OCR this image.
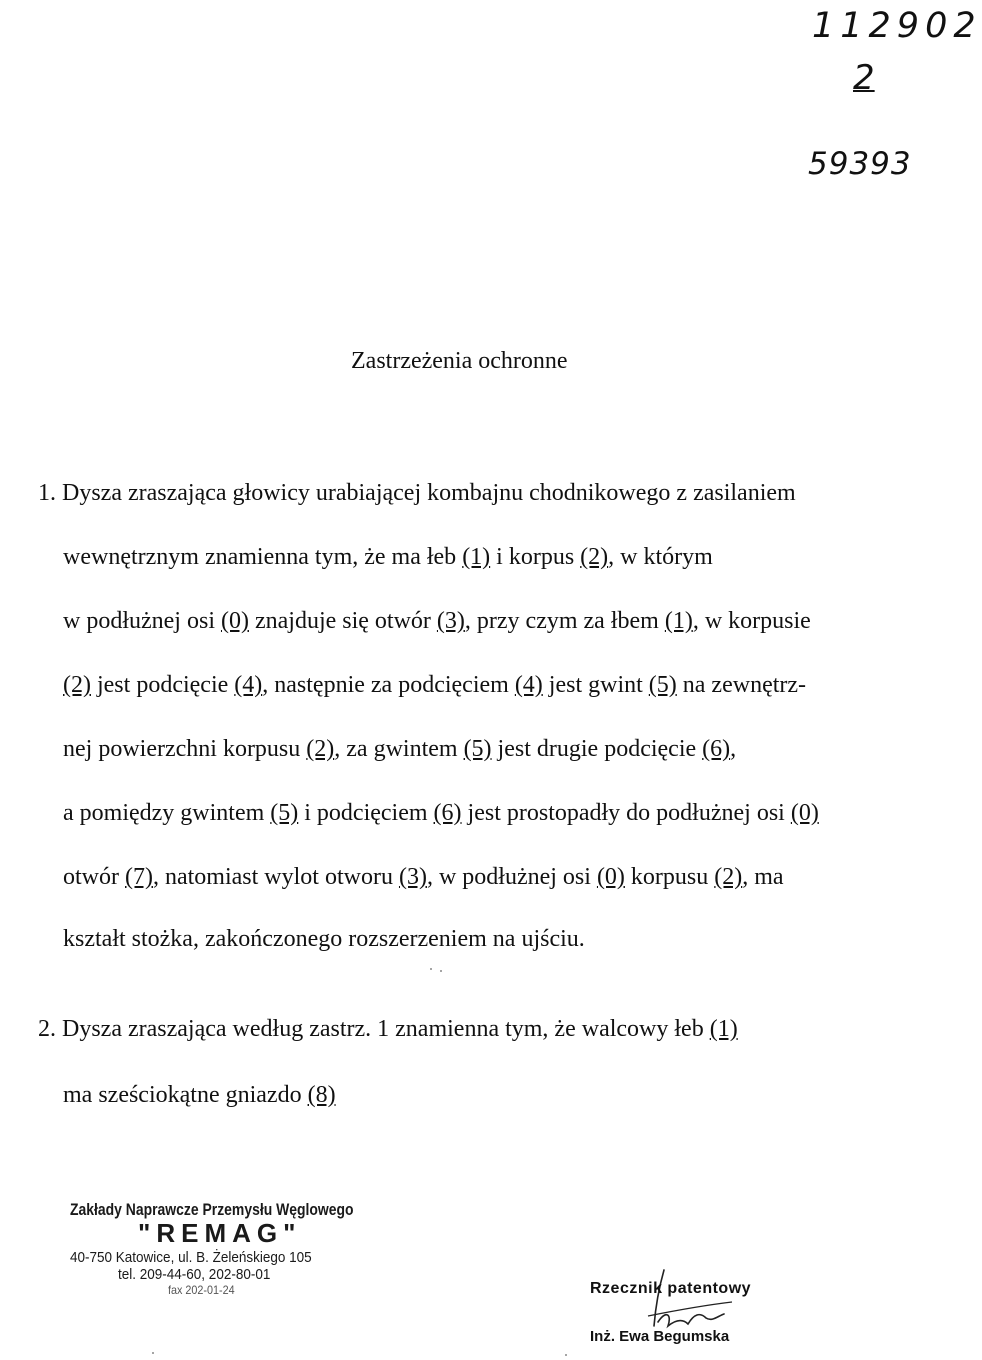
112902
2
59393
Zastrzeżenia ochronne
1. Dysza zraszająca głowicy urabiającej kombajnu chodnikowego z zasilaniem
wewnętrznym znamienna tym, że ma łeb (1) i korpus (2), w którym
w podłużnej osi (0) znajduje się otwór (3), przy czym za łbem (1), w korpusie
(2) jest podcięcie (4), następnie za podcięciem (4) jest gwint (5) na zewnętrz-
nej powierzchni korpusu (2), za gwintem (5) jest drugie podcięcie (6),
a pomiędzy gwintem (5) i podcięciem (6) jest prostopadły do podłużnej osi (0)
otwór (7), natomiast wylot otworu (3), w podłużnej osi (0) korpusu (2), ma
kształt stożka, zakończonego rozszerzeniem na ujściu.
2. Dysza zraszająca według zastrz. 1 znamienna tym, że walcowy łeb (1)
ma sześciokątne gniazdo (8)
Zakłady Naprawcze Przemysłu Węglowego
"REMAG"
40-750 Katowice, ul. B. Żeleńskiego 105
tel. 209-44-60, 202-80-01
fax 202-01-24	Rzecznik patentowy
Inż. Ewa Begumska
